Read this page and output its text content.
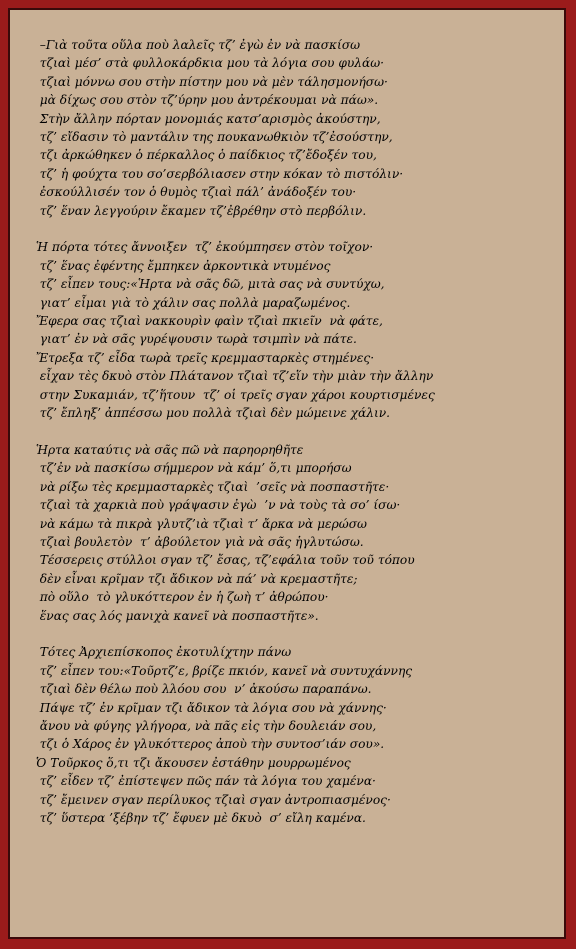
–Γιὰ τοῦτα οὕλα ποὺ λαλεῖς τζ’ ἐγὼ ἐν νὰ πασκίσω
τζιαὶ μέσ’ στὰ φυλλοκάρδκια μου τὰ λόγια σου φυλάω·
τζιαὶ μόννω σου στὴν πίστην μου νὰ μὲν τάλησμονήσω·
μὰ δίχως σου στὸν τζ’ύρην μου ἀντρέκουμαι νὰ πάω».
Στὴν ἄλλην πόρταν μονομιάς κατσ’αρισμὸς ἀκούστην,
τζ’ εἴδασιν τὸ μαντάλιν της πουκανωθκιὸν τζ’ἐσούστην,
τζι ἀρκώθηκεν ὁ πέρκαλλος ὁ παίδκιος τζ’ἔδοξέν του,
τζ’ ἡ φούχτα του σο’σερβόλιασεν στην κόκαν τὸ πιστόλιν·
ἐσκούλλισέν τον ὁ θυμὸς τζιαὶ πάλ’ ἀνάδοξέν του·
τζ’ ἕναν λεγγούριν ἔκαμεν τζ’ἐβρέθην στὸ περβόλιν.
Ἡ πόρτα τότες ἄννοιξεν  τζ’ ἐκούμπησεν στὸν τοῖχον·
τζ’ ἕνας ἐφέντης ἔμπηκεν ἀρκοντικὰ ντυμένος
τζ’ εἶπεν τους:«Ἡρτα νὰ σᾶς δῶ, μιτὰ σας νὰ συντύχω,
γιατ’ εἶμαι γιὰ τὸ χάλιν σας πολλὰ μαραζωμένος.
Ἔφερα σας τζιαὶ νακκουρὶν φαὶν τζιαὶ πκιεῖν  νὰ φάτε,
γιατ’ ἐν νὰ σᾶς γυρέψουσιν τωρὰ τσιμπὶν νὰ πάτε.
Ἔτρεξα τζ’ εἶδα τωρὰ τρεῖς κρεμμασταρκὲς στημένες·
εἶχαν τὲς δκυὸ στὸν Πλάτανον τζιαὶ τζ’εἵν τὴν μιὰν τὴν ἄλλην
στην Συκαμιάν, τζ’ἥτουν  τζ’ οἱ τρεῖς σγαν χάροι κουρτισμένες
τζ’ ἔπληξ’ ἀππέσσω μου πολλὰ τζιαὶ δὲν μώμεινε χάλιν.
Ἡρτα καταύτις νὰ σᾶς πῶ νὰ παρηορηθῆτε
τζ’ἐν νὰ πασκίσω σήμμερον νὰ κάμ’ ὅ,τι μπορήσω
νὰ ρίξω τὲς κρεμμασταρκὲς τζιαὶ  ’σεῖς νὰ ποσπαστῆτε·
τζιαὶ τὰ χαρκιὰ ποὺ γράψασιν ἐγὼ  ’ν νὰ τοὺς τὰ σο’ ίσω·
νὰ κάμω τὰ πικρὰ γλυτζ’ιὰ τζιαὶ τ’ ἄρκα νὰ μερώσω
τζιαὶ βουλετὸν  τ’ ἀβούλετον γιὰ νὰ σᾶς ἡγλυτώσω.
Τέσσερεις στύλλοι σγαν τζ’ ἔσας, τζ’εφάλια τοῦν τοῦ τόπου
δὲν εἶναι κρῖμαν τζι ἄδικον νὰ πά’ νὰ κρεμαστῆτε;
πὸ οὕλο  τὸ γλυκόττερον ἐν ἡ ζωὴ τ’ ἀθρώπου·
ἕνας σας λός μανιχὰ κανεῖ νὰ ποσπαστῆτε».
Τότες Ἀρχιεπίσκοπος ἐκοτυλίχτην πάνω
τζ’ εἶπεν του:«Τοῦρτζ’ε, βρίζε πκιόν, κανεῖ νὰ συντυχάννης
τζιαὶ δὲν θέλω ποὺ λλόου σου  ν’ ἀκούσω παραπάνω.
Πάψε τζ’ ἐν κρῖμαν τζι ἄδικον τὰ λόγια σου νὰ χάννης·
ἄνου νὰ φύγης γλήγορα, νὰ πᾶς εἰς τὴν δουλειάν σου,
τζι ὁ Χάρος ἐν γλυκόττερος ἀποὺ τὴν συντοσ’ιάν σου».
Ὁ Τοῦρκος ὅ,τι τζι ἄκουσεν ἐστάθην μουρρωμένος
τζ’ εἶδεν τζ’ ἐπίστεψεν πῶς πάν τὰ λόγια του χαμένα·
τζ’ ἔμεινεν σγαν περίλυκος τζιαὶ σγαν ἀντροπιασμένος·
τζ’ ὕστερα ’ξέβην τζ’ ἔφυεν μὲ δκυὸ  σ’ εἴλη καμένα.
